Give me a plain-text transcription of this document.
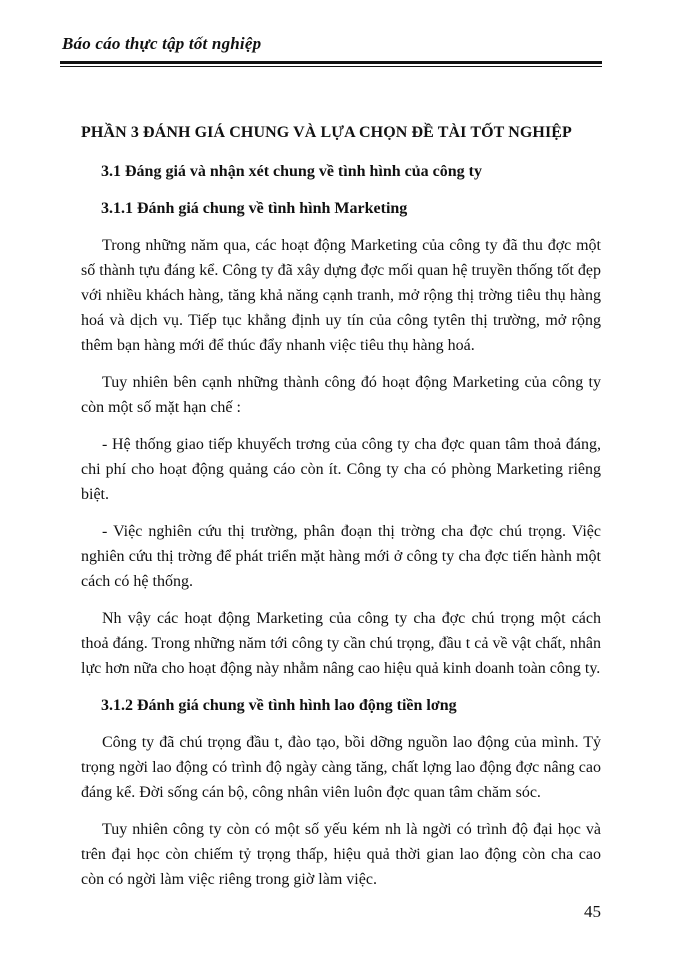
Báo cáo thực tập tốt nghiệp
PHẦN 3 ĐÁNH GIÁ CHUNG VÀ LỰA CHỌN ĐỀ TÀI TỐT NGHIỆP
3.1 Đáng giá và nhận xét chung về tình hình của công ty
3.1.1 Đánh giá chung về tình hình Marketing

Trong những năm qua, các hoạt động Marketing của công ty đã thu đợc một số thành tựu đáng kể. Công ty đã xây dựng đợc mối quan hệ truyền thống tốt đẹp với nhiều khách hàng, tăng khả năng cạnh tranh, mở rộng thị trờng tiêu thụ hàng hoá và dịch vụ. Tiếp tục khẳng định uy tín của công tytên thị trường, mở rộng thêm bạn hàng mới để thúc đẩy nhanh việc tiêu thụ hàng hoá.

Tuy nhiên bên cạnh những thành công đó hoạt động Marketing của công ty còn một số mặt hạn chế :

- Hệ thống giao tiếp khuyếch trơng của công ty cha đợc quan tâm thoả đáng, chi phí cho hoạt động quảng cáo còn ít. Công ty cha có phòng Marketing riêng biệt.

- Việc nghiên cứu thị trường, phân đoạn thị trờng cha đợc chú trọng. Việc nghiên cứu thị trờng để phát triển mặt hàng mới ở công ty cha đợc tiến hành một cách có hệ thống.

Nh vậy các hoạt động Marketing của công ty cha đợc chú trọng một cách thoả đáng. Trong những năm tới công ty cần chú trọng, đầu t cả về vật chất, nhân lực hơn nữa cho hoạt động này nhằm nâng cao hiệu quả kinh doanh toàn công ty.

3.1.2 Đánh giá chung về tình hình lao động tiền lơng

Công ty đã chú trọng đầu t, đào tạo, bồi dỡng nguồn lao động của mình. Tỷ trọng ngời lao động có trình độ ngày càng tăng, chất lợng lao động đợc nâng cao đáng kể. Đời sống cán bộ, công nhân viên luôn đợc quan tâm chăm sóc.

Tuy nhiên công ty còn có một số yếu kém nh là ngời có trình độ đại học và trên đại học còn chiếm tỷ trọng thấp, hiệu quả thời gian lao động còn cha cao còn có ngời làm việc riêng trong giờ làm việc.

45
